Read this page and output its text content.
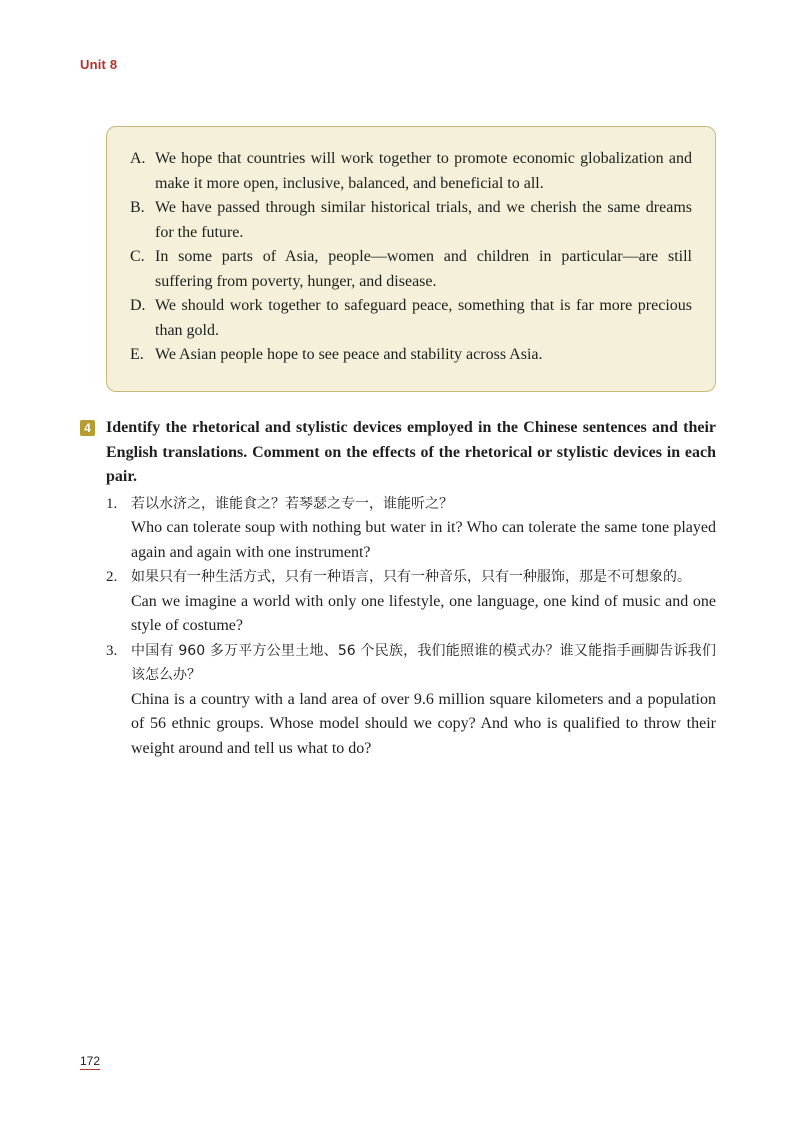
Unit 8
A. We hope that countries will work together to promote economic globalization and make it more open, inclusive, balanced, and beneficial to all.
B. We have passed through similar historical trials, and we cherish the same dreams for the future.
C. In some parts of Asia, people—women and children in particular—are still suffering from poverty, hunger, and disease.
D. We should work together to safeguard peace, something that is far more precious than gold.
E. We Asian people hope to see peace and stability across Asia.
4 Identify the rhetorical and stylistic devices employed in the Chinese sentences and their English translations. Comment on the effects of the rhetorical or stylistic devices in each pair.

1. 若以水济之，谁能食之？若琴瑟之专一，谁能听之？

Who can tolerate soup with nothing but water in it? Who can tolerate the same tone played again and again with one instrument?

2. 如果只有一种生活方式，只有一种语言，只有一种音乐，只有一种服饰，那是不可想象的。

Can we imagine a world with only one lifestyle, one language, one kind of music and one style of costume?

3. 中国有 960 多万平方公里土地、56 个民族，我们能照谁的模式办？谁又能指手画脚告诉我们该怎么办？

China is a country with a land area of over 9.6 million square kilometers and a population of 56 ethnic groups. Whose model should we copy? And who is qualified to throw their weight around and tell us what to do?

172
